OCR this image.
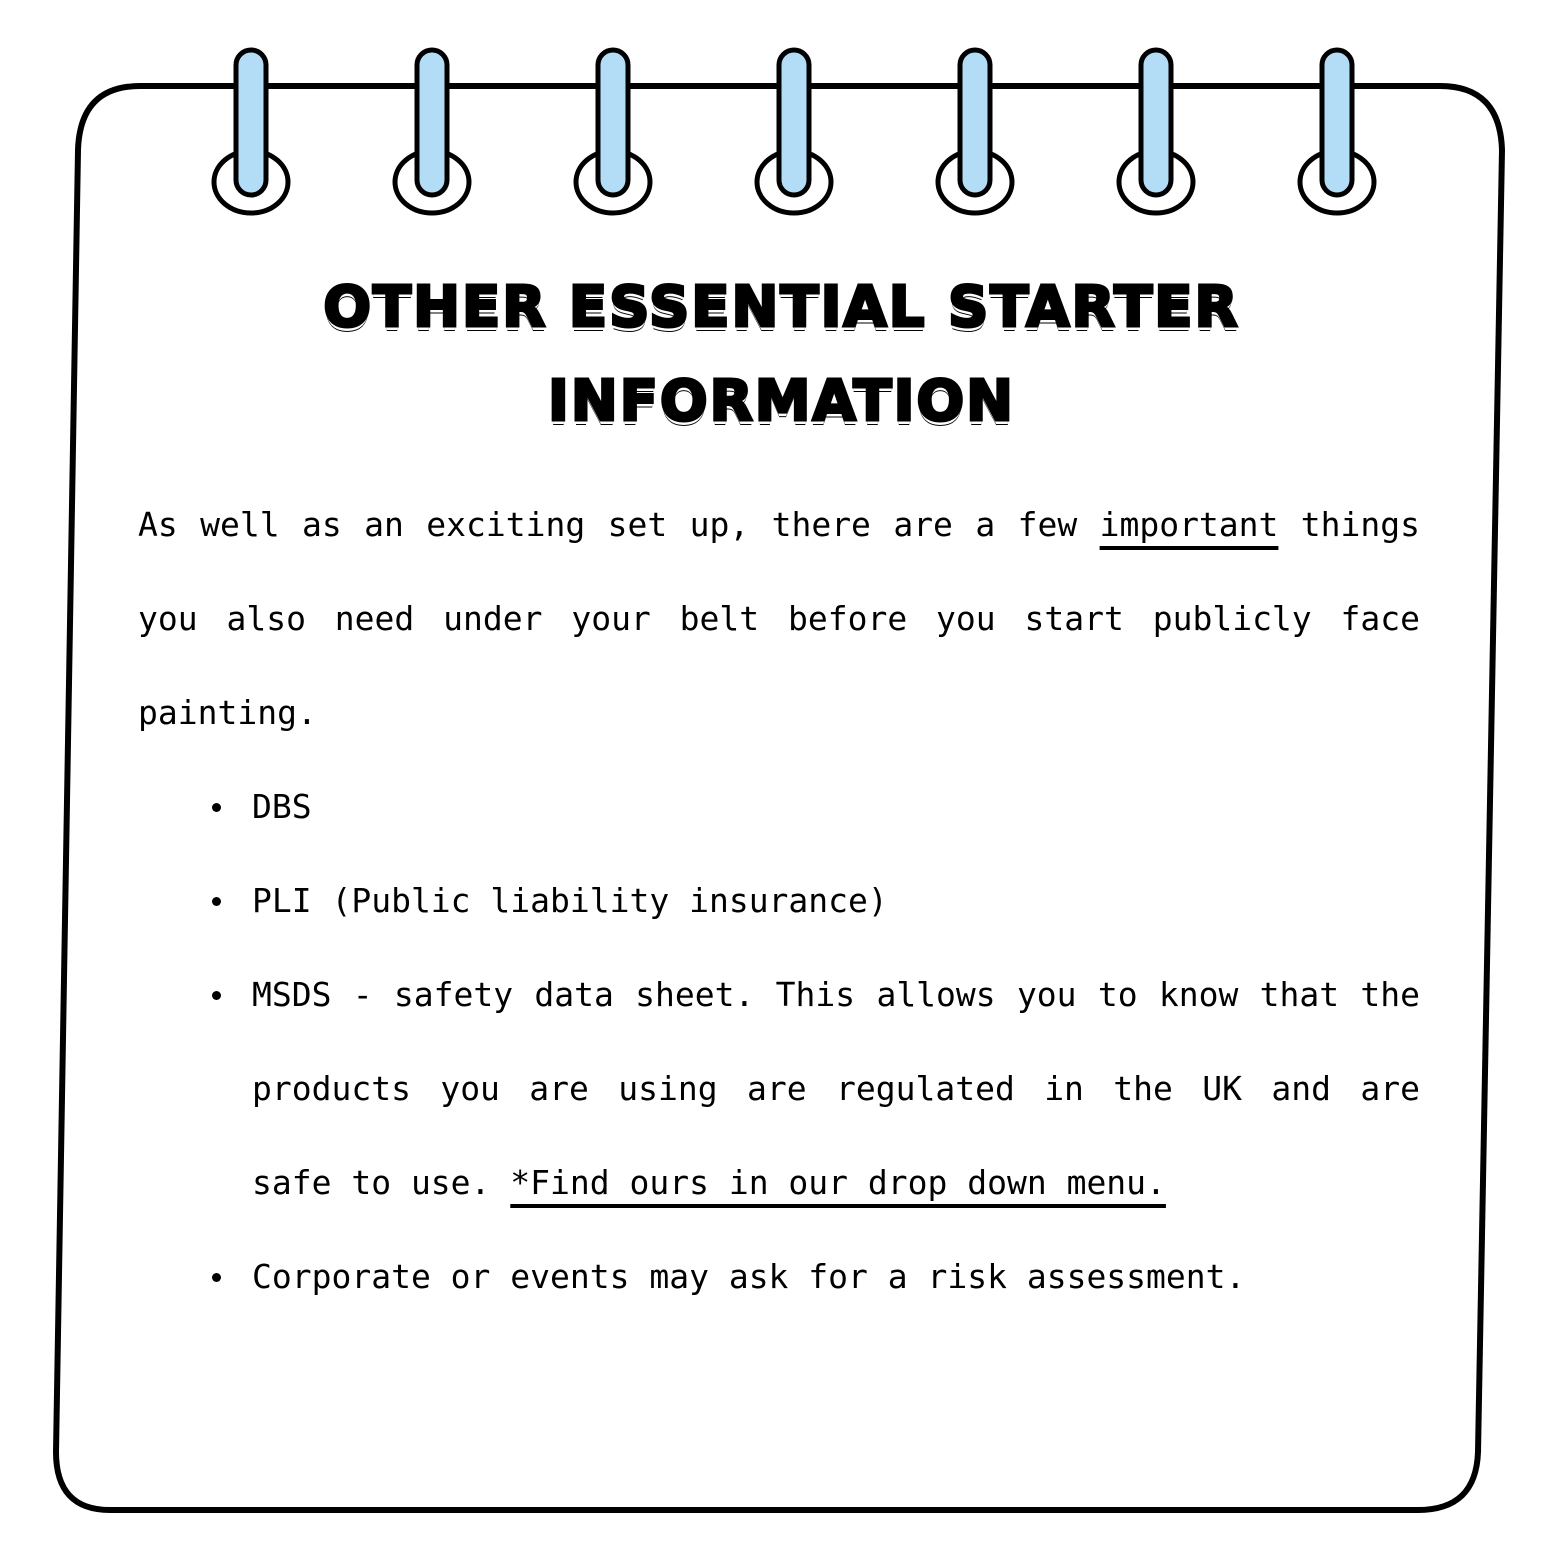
OTHER ESSENTIAL STARTER
INFORMATION

As well as an exciting set up, there are a few important things you also need under your belt before you start publicly face painting.

DBS
PLI (Public liability insurance)
MSDS - safety data sheet. This allows you to know that the products you are using are regulated in the UK and are safe to use. *Find ours in our drop down menu.
Corporate or events may ask for a risk assessment.
